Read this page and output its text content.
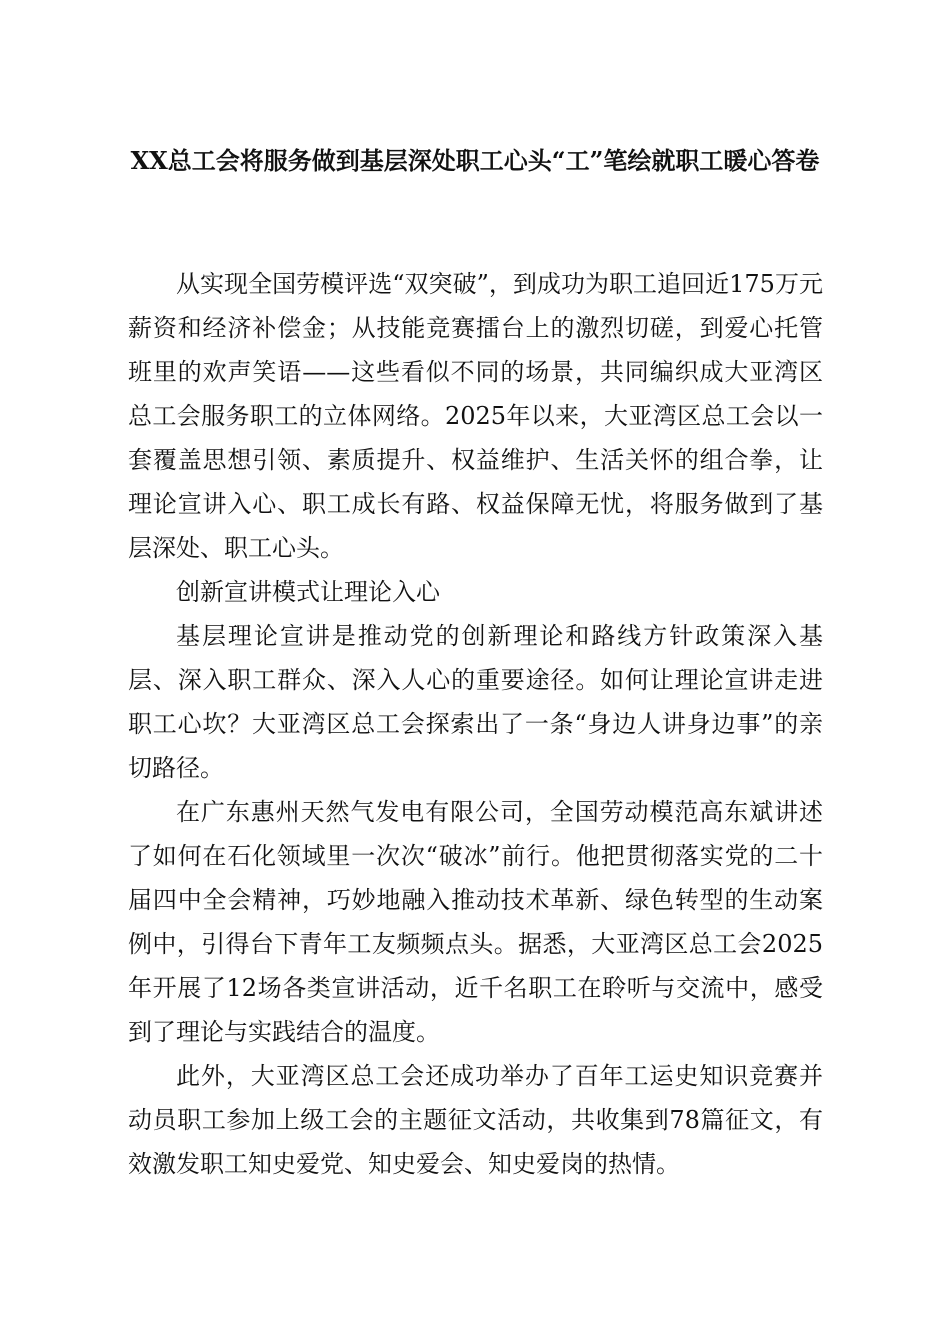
XX总工会将服务做到基层深处职工心头“工”笔绘就职工暖心答卷

从实现全国劳模评选“双突破”，到成功为职工追回近175万元薪资和经济补偿金；从技能竞赛擂台上的激烈切磋，到爱心托管班里的欢声笑语——这些看似不同的场景，共同编织成大亚湾区总工会服务职工的立体网络。2025年以来，大亚湾区总工会以一套覆盖思想引领、素质提升、权益维护、生活关怀的组合拳，让理论宣讲入心、职工成长有路、权益保障无忧，将服务做到了基层深处、职工心头。

创新宣讲模式让理论入心

基层理论宣讲是推动党的创新理论和路线方针政策深入基层、深入职工群众、深入人心的重要途径。如何让理论宣讲走进职工心坎？大亚湾区总工会探索出了一条“身边人讲身边事”的亲切路径。

在广东惠州天然气发电有限公司，全国劳动模范高东斌讲述了如何在石化领域里一次次“破冰”前行。他把贯彻落实党的二十届四中全会精神，巧妙地融入推动技术革新、绿色转型的生动案例中，引得台下青年工友频频点头。据悉，大亚湾区总工会2025年开展了12场各类宣讲活动，近千名职工在聆听与交流中，感受到了理论与实践结合的温度。

此外，大亚湾区总工会还成功举办了百年工运史知识竞赛并动员职工参加上级工会的主题征文活动，共收集到78篇征文，有效激发职工知史爱党、知史爱会、知史爱岗的热情。
